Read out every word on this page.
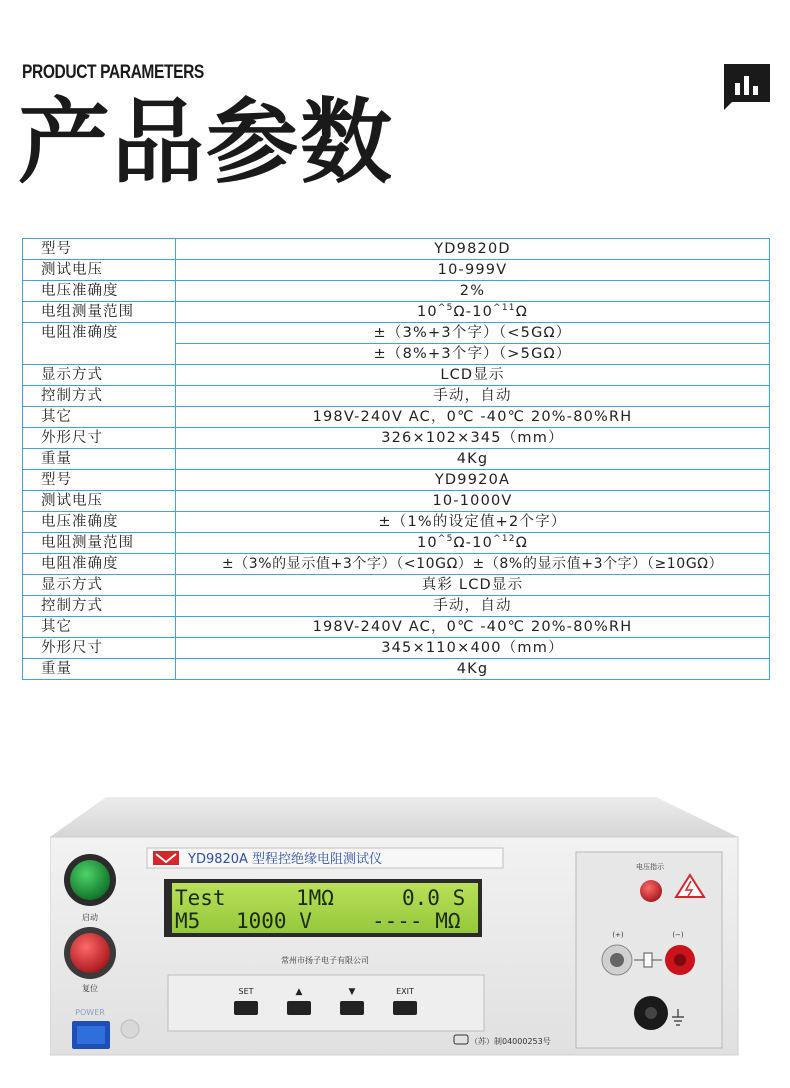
PRODUCT PARAMETERS
产品参数
型号	YD9820D
测试电压	10-999V
电压准确度	2%
电组测量范围	$10^{\^{}5}\Omega-10^{\^{}11}\Omega$
电阻准确度	±（3%+3个字）（<5GΩ）
	±（8%+3个字）（>5GΩ）
显示方式	LCD显示
控制方式	手动，自动
其它	198V-240V AC，0℃ -40℃ 20%-80%RH
外形尺寸	326×102×345（mm）
重量	4Kg
型号	YD9920A
测试电压	10-1000V
电压准确度	±（1%的设定值+2个字）
电阻测量范围	$10^{\^{}5}\Omega-10^{\^{}12}\Omega$
电阻准确度	±（3%的显示值+3个字）（<10GΩ）±（8%的显示值+3个字）（≥10GΩ）
显示方式	真彩 LCD显示
控制方式	手动，自动
其它	198V-240V AC，0℃ -40℃ 20%-80%RH
外形尺寸	345×110×400（mm）
重量	4Kg
启动
复位
POWER
YD9820A 型程控绝缘电阻测试仪
Test	1MΩ	0.0 S
M5 1000 V	---- MΩ
常州市扬子电子有限公司
SET	▲	▼	EXIT
（苏）制04000253号
电压指示
(+)	(−)
